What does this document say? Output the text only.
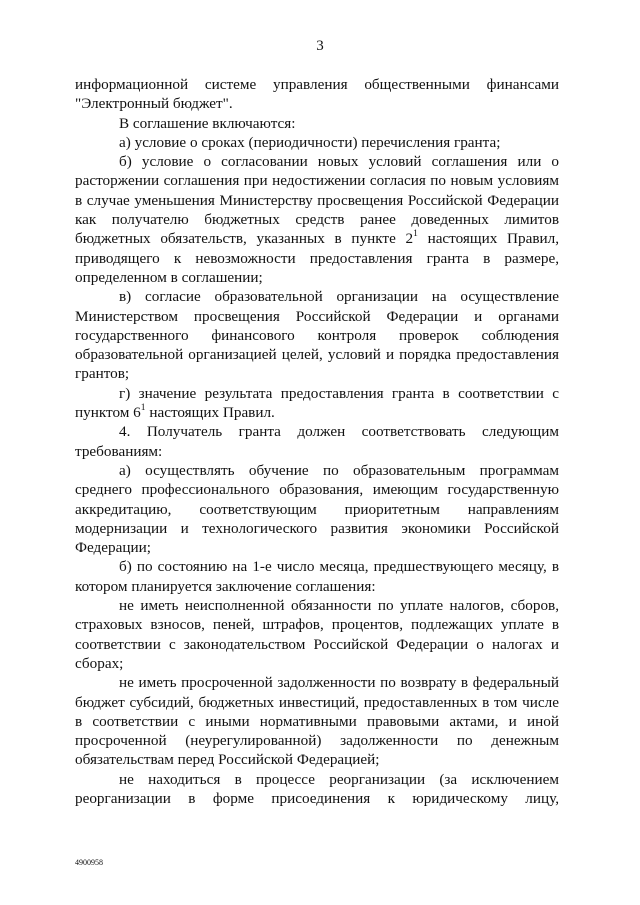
3

информационной системе управления общественными финансами "Электронный бюджет".

В соглашение включаются:

а) условие о сроках (периодичности) перечисления гранта;

б) условие о согласовании новых условий соглашения или о расторжении соглашения при недостижении согласия по новым условиям в случае уменьшения Министерству просвещения Российской Федерации как получателю бюджетных средств ранее доведенных лимитов бюджетных обязательств, указанных в пункте $2^1$ настоящих Правил, приводящего к невозможности предоставления гранта в размере, определенном в соглашении;

в) согласие образовательной организации на осуществление Министерством просвещения Российской Федерации и органами государственного финансового контроля проверок соблюдения образовательной организацией целей, условий и порядка предоставления грантов;

г) значение результата предоставления гранта в соответствии с пунктом $6^1$ настоящих Правил.

4. Получатель гранта должен соответствовать следующим требованиям:

а) осуществлять обучение по образовательным программам среднего профессионального образования, имеющим государственную аккредитацию, соответствующим приоритетным направлениям модернизации и технологического развития экономики Российской Федерации;

б) по состоянию на 1-е число месяца, предшествующего месяцу, в котором планируется заключение соглашения:

не иметь неисполненной обязанности по уплате налогов, сборов, страховых взносов, пеней, штрафов, процентов, подлежащих уплате в соответствии с законодательством Российской Федерации о налогах и сборах;

не иметь просроченной задолженности по возврату в федеральный бюджет субсидий, бюджетных инвестиций, предоставленных в том числе в соответствии с иными нормативными правовыми актами, и иной просроченной (неурегулированной) задолженности по денежным обязательствам перед Российской Федерацией;

не находиться в процессе реорганизации (за исключением реорганизации в форме присоединения к юридическому лицу,

4900958
